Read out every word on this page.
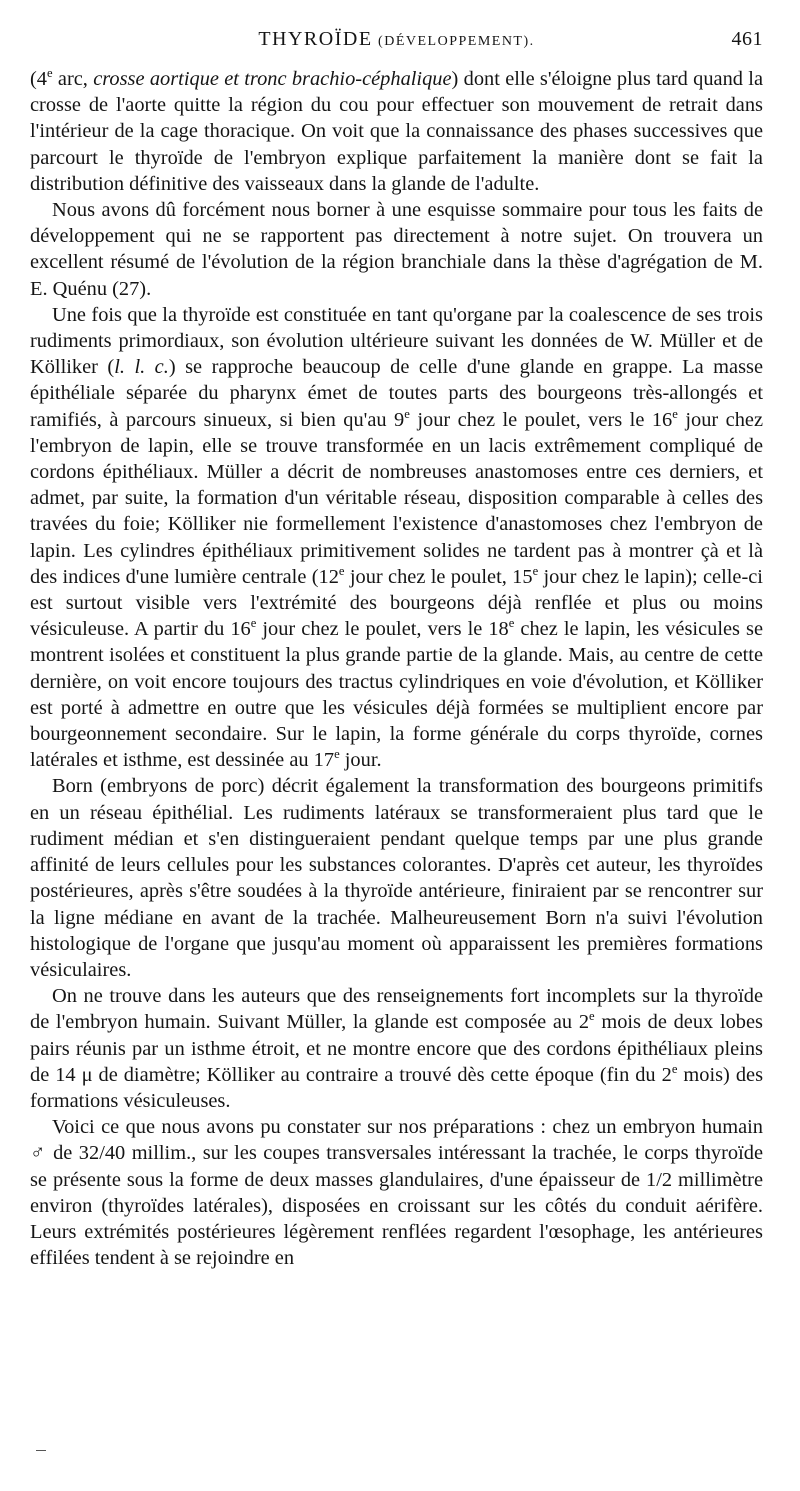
THYROÏDE (DÉVELOPPEMENT).	461

(4e arc, crosse aortique et tronc brachio-céphalique) dont elle s'éloigne plus tard quand la crosse de l'aorte quitte la région du cou pour effectuer son mouvement de retrait dans l'intérieur de la cage thoracique. On voit que la connaissance des phases successives que parcourt le thyroïde de l'embryon explique parfaitement la manière dont se fait la distribution définitive des vaisseaux dans la glande de l'adulte.

Nous avons dû forcément nous borner à une esquisse sommaire pour tous les faits de développement qui ne se rapportent pas directement à notre sujet. On trouvera un excellent résumé de l'évolution de la région branchiale dans la thèse d'agrégation de M. E. Quénu (27).

Une fois que la thyroïde est constituée en tant qu'organe par la coalescence de ses trois rudiments primordiaux, son évolution ultérieure suivant les données de W. Müller et de Kölliker (l. l. c.) se rapproche beaucoup de celle d'une glande en grappe. La masse épithéliale séparée du pharynx émet de toutes parts des bourgeons très-allongés et ramifiés, à parcours sinueux, si bien qu'au 9e jour chez le poulet, vers le 16e jour chez l'embryon de lapin, elle se trouve transformée en un lacis extrêmement compliqué de cordons épithéliaux. Müller a décrit de nombreuses anastomoses entre ces derniers, et admet, par suite, la formation d'un véritable réseau, disposition comparable à celles des travées du foie; Kölliker nie formellement l'existence d'anastomoses chez l'embryon de lapin. Les cylindres épithéliaux primitivement solides ne tardent pas à montrer çà et là des indices d'une lumière centrale (12e jour chez le poulet, 15e jour chez le lapin); celle-ci est surtout visible vers l'extrémité des bourgeons déjà renflée et plus ou moins vésiculeuse. A partir du 16e jour chez le poulet, vers le 18e chez le lapin, les vésicules se montrent isolées et constituent la plus grande partie de la glande. Mais, au centre de cette dernière, on voit encore toujours des tractus cylindriques en voie d'évolution, et Kölliker est porté à admettre en outre que les vésicules déjà formées se multiplient encore par bourgeonnement secondaire. Sur le lapin, la forme générale du corps thyroïde, cornes latérales et isthme, est dessinée au 17e jour.

Born (embryons de porc) décrit également la transformation des bourgeons primitifs en un réseau épithélial. Les rudiments latéraux se transformeraient plus tard que le rudiment médian et s'en distingueraient pendant quelque temps par une plus grande affinité de leurs cellules pour les substances colorantes. D'après cet auteur, les thyroïdes postérieures, après s'être soudées à la thyroïde antérieure, finiraient par se rencontrer sur la ligne médiane en avant de la trachée. Malheureusement Born n'a suivi l'évolution histologique de l'organe que jusqu'au moment où apparaissent les premières formations vésiculaires.

On ne trouve dans les auteurs que des renseignements fort incomplets sur la thyroïde de l'embryon humain. Suivant Müller, la glande est composée au 2e mois de deux lobes pairs réunis par un isthme étroit, et ne montre encore que des cordons épithéliaux pleins de 14 μ de diamètre; Kölliker au contraire a trouvé dès cette époque (fin du 2e mois) des formations vésiculeuses.

Voici ce que nous avons pu constater sur nos préparations : chez un embryon humain ♂ de 32/40 millim., sur les coupes transversales intéressant la trachée, le corps thyroïde se présente sous la forme de deux masses glandulaires, d'une épaisseur de 1/2 millimètre environ (thyroïdes latérales), disposées en croissant sur les côtés du conduit aérifère. Leurs extrémités postérieures légèrement renflées regardent l'œsophage, les antérieures effilées tendent à se rejoindre en
